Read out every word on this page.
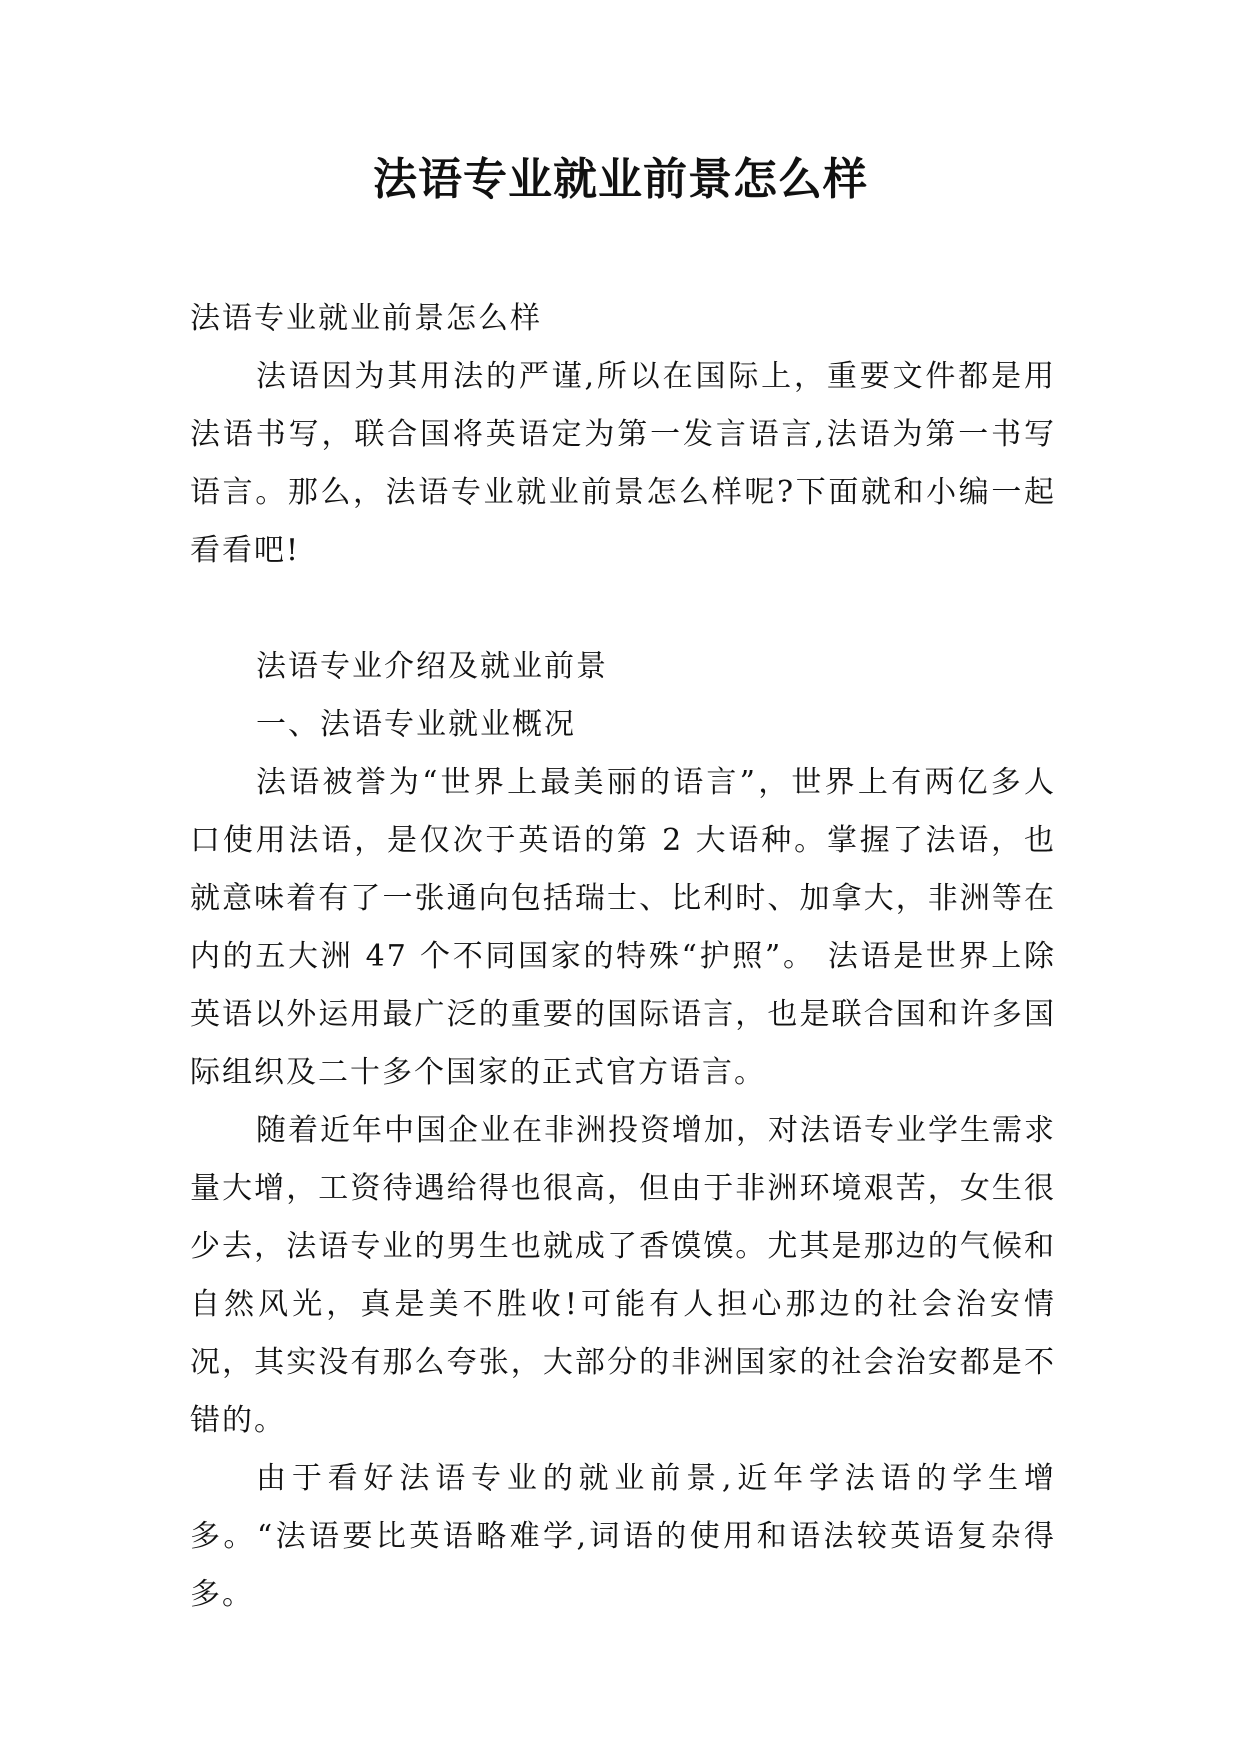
法语专业就业前景怎么样

法语专业就业前景怎么样

法语因为其用法的严谨,所以在国际上，重要文件都是用法语书写，联合国将英语定为第一发言语言,法语为第一书写语言。那么，法语专业就业前景怎么样呢?下面就和小编一起看看吧!

法语专业介绍及就业前景

一、法语专业就业概况

法语被誉为“世界上最美丽的语言”，世界上有两亿多人口使用法语，是仅次于英语的第 2 大语种。掌握了法语，也就意味着有了一张通向包括瑞士、比利时、加拿大，非洲等在内的五大洲 47 个不同国家的特殊“护照”。 法语是世界上除英语以外运用最广泛的重要的国际语言，也是联合国和许多国际组织及二十多个国家的正式官方语言。

随着近年中国企业在非洲投资增加，对法语专业学生需求量大增，工资待遇给得也很高，但由于非洲环境艰苦，女生很少去，法语专业的男生也就成了香馍馍。尤其是那边的气候和自然风光，真是美不胜收!可能有人担心那边的社会治安情况，其实没有那么夸张，大部分的非洲国家的社会治安都是不错的。

由于看好法语专业的就业前景,近年学法语的学生增多。“法语要比英语略难学,词语的使用和语法较英语复杂得多。
